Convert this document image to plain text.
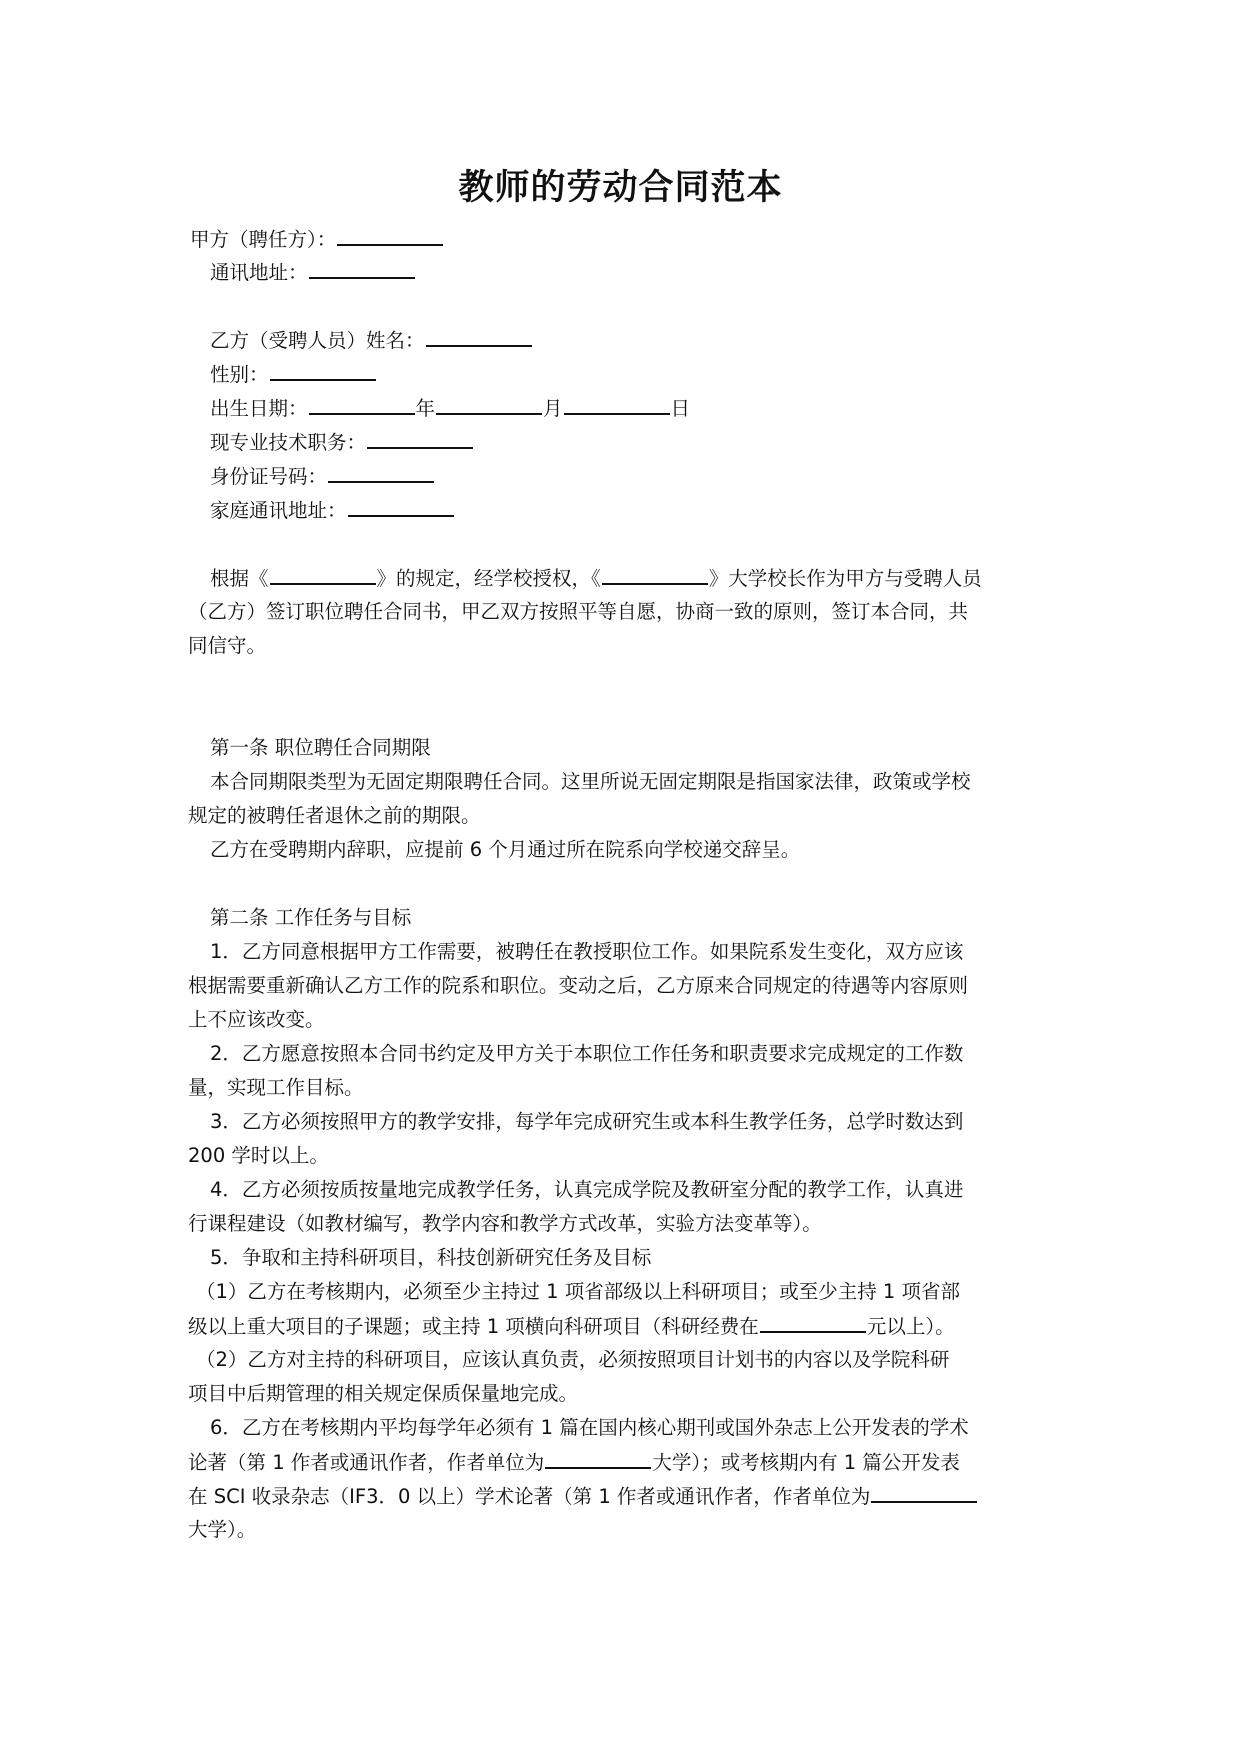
教师的劳动合同范本
甲方（聘任方）：
通讯地址：
乙方（受聘人员）姓名：
性别：
出生日期：	年	月	日
现专业技术职务：
身份证号码：
家庭通讯地址：
根据《	》的规定，经学校授权，《	》大学校长作为甲方与受聘人员
（乙方）签订职位聘任合同书，甲乙双方按照平等自愿，协商一致的原则，签订本合同，共
同信守。
第一条 职位聘任合同期限
本合同期限类型为无固定期限聘任合同。这里所说无固定期限是指国家法律，政策或学校
规定的被聘任者退休之前的期限。
乙方在受聘期内辞职，应提前 6 个月通过所在院系向学校递交辞呈。
第二条 工作任务与目标
1．乙方同意根据甲方工作需要，被聘任在教授职位工作。如果院系发生变化，双方应该
根据需要重新确认乙方工作的院系和职位。变动之后，乙方原来合同规定的待遇等内容原则
上不应该改变。
2．乙方愿意按照本合同书约定及甲方关于本职位工作任务和职责要求完成规定的工作数
量，实现工作目标。
3．乙方必须按照甲方的教学安排，每学年完成研究生或本科生教学任务，总学时数达到
200 学时以上。
4．乙方必须按质按量地完成教学任务，认真完成学院及教研室分配的教学工作，认真进
行课程建设（如教材编写，教学内容和教学方式改革，实验方法变革等）。
5．争取和主持科研项目，科技创新研究任务及目标
（1）乙方在考核期内，必须至少主持过 1 项省部级以上科研项目；或至少主持 1 项省部
级以上重大项目的子课题；或主持 1 项横向科研项目（科研经费在	元以上）。
（2）乙方对主持的科研项目，应该认真负责，必须按照项目计划书的内容以及学院科研
项目中后期管理的相关规定保质保量地完成。
6．乙方在考核期内平均每学年必须有 1 篇在国内核心期刊或国外杂志上公开发表的学术
论著（第 1 作者或通讯作者，作者单位为	大学）；或考核期内有 1 篇公开发表
在 SCI 收录杂志（IF3．0 以上）学术论著（第 1 作者或通讯作者，作者单位为
大学）。
